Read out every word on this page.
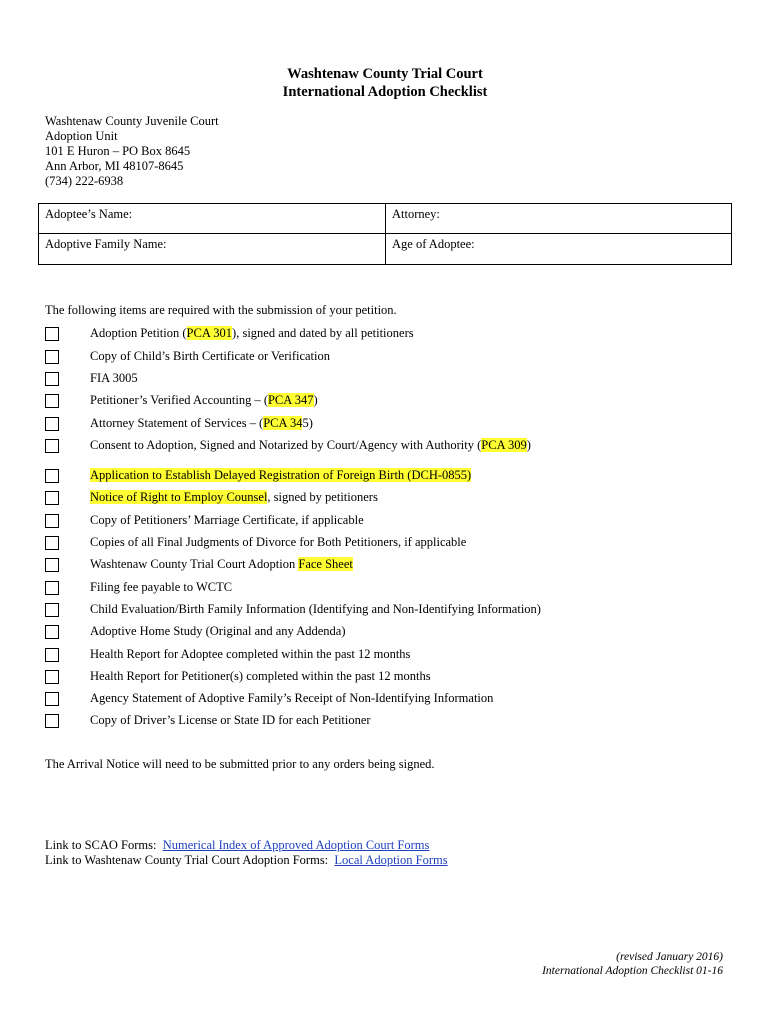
Washtenaw County Trial Court
International Adoption Checklist
Washtenaw County Juvenile Court
Adoption Unit
101 E Huron – PO Box 8645
Ann Arbor, MI 48107-8645
(734) 222-6938
Adoptee’s Name:	Attorney:
Adoptive Family Name:	Age of Adoptee:
The following items are required with the submission of your petition.
Adoption Petition (PCA 301), signed and dated by all petitioners
Copy of Child’s Birth Certificate or Verification
FIA 3005
Petitioner’s Verified Accounting – (PCA 347)
Attorney Statement of Services – (PCA 345)
Consent to Adoption, Signed and Notarized by Court/Agency with Authority (PCA 309)
Application to Establish Delayed Registration of Foreign Birth (DCH-0855)
Notice of Right to Employ Counsel, signed by petitioners
Copy of Petitioners’ Marriage Certificate, if applicable
Copies of all Final Judgments of Divorce for Both Petitioners, if applicable
Washtenaw County Trial Court Adoption Face Sheet
Filing fee payable to WCTC
Child Evaluation/Birth Family Information (Identifying and Non-Identifying Information)
Adoptive Home Study (Original and any Addenda)
Health Report for Adoptee completed within the past 12 months
Health Report for Petitioner(s) completed within the past 12 months
Agency Statement of Adoptive Family’s Receipt of Non-Identifying Information
Copy of Driver’s License or State ID for each Petitioner
The Arrival Notice will need to be submitted prior to any orders being signed.
Link to SCAO Forms:  Numerical Index of Approved Adoption Court Forms
Link to Washtenaw County Trial Court Adoption Forms:  Local Adoption Forms
(revised January 2016)
International Adoption Checklist 01-16
